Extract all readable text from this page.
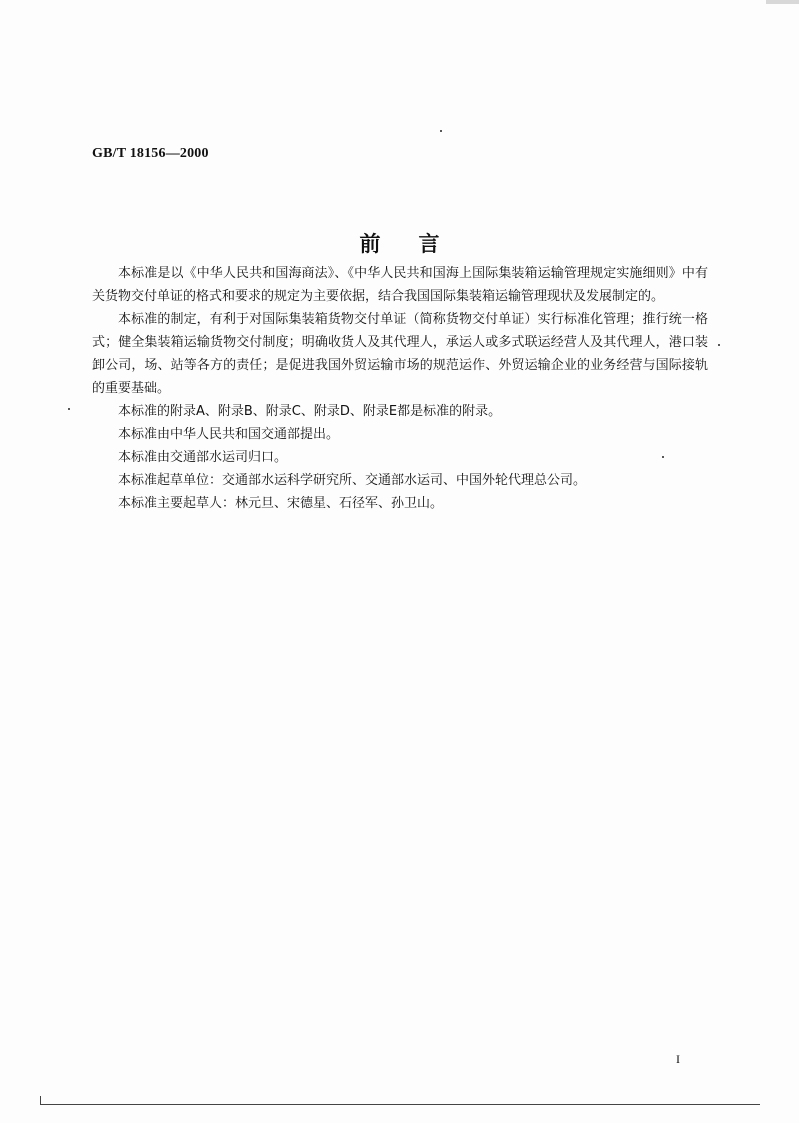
GB/T 18156—2000
前言

本标准是以《中华人民共和国海商法》、《中华人民共和国海上国际集装箱运输管理规定实施细则》中有关货物交付单证的格式和要求的规定为主要依据，结合我国国际集装箱运输管理现状及发展制定的。

本标准的制定，有利于对国际集装箱货物交付单证（简称货物交付单证）实行标准化管理；推行统一格式；健全集装箱运输货物交付制度；明确收货人及其代理人，承运人或多式联运经营人及其代理人，港口装卸公司，场、站等各方的责任；是促进我国外贸运输市场的规范运作、外贸运输企业的业务经营与国际接轨的重要基础。

本标准的附录A、附录B、附录C、附录D、附录E都是标准的附录。

本标准由中华人民共和国交通部提出。

本标准由交通部水运司归口。

本标准起草单位：交通部水运科学研究所、交通部水运司、中国外轮代理总公司。

本标准主要起草人：林元旦、宋德星、石径军、孙卫山。

I
